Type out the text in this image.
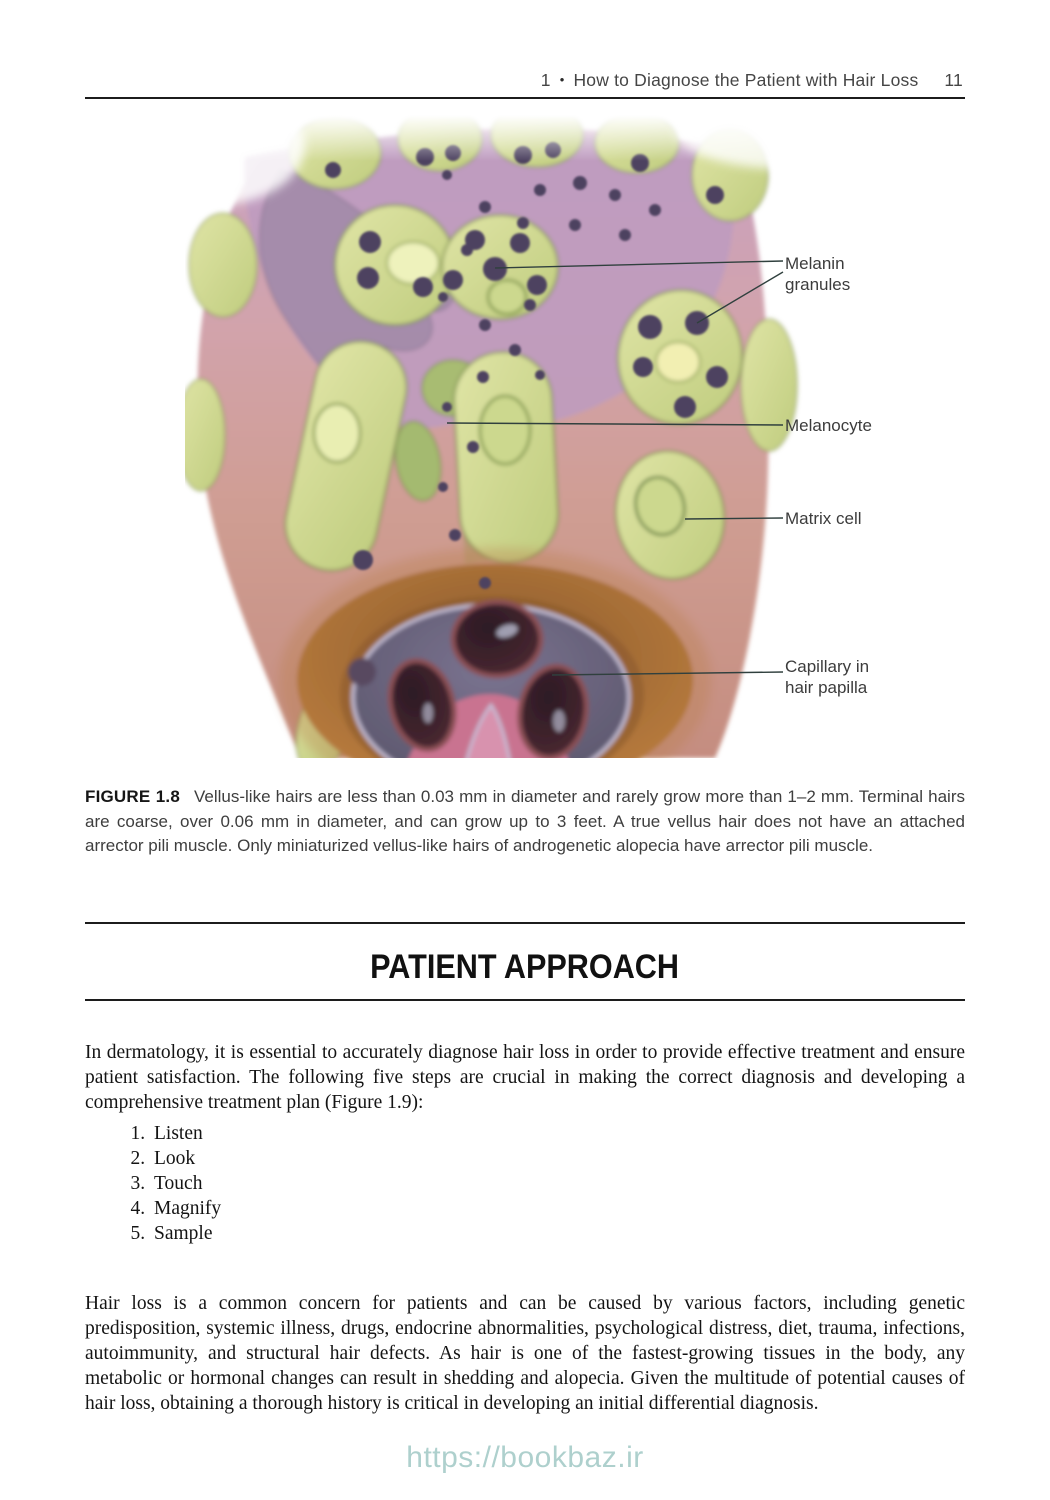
1 • How to Diagnose the Patient with Hair Loss 11
Melanin granules
Melanocyte
Matrix cell
Capillary in hair papilla
FIGURE 1.8 Vellus-like hairs are less than 0.03 mm in diameter and rarely grow more than 1–2 mm. Terminal hairs are coarse, over 0.06 mm in diameter, and can grow up to 3 feet. A true vellus hair does not have an attached arrector pili muscle. Only miniaturized vellus-like hairs of androgenetic alopecia have arrector pili muscle.
PATIENT APPROACH

In dermatology, it is essential to accurately diagnose hair loss in order to provide effective treatment and ensure patient satisfaction. The following five steps are crucial in making the correct diagnosis and developing a comprehensive treatment plan (Figure 1.9):

1. Listen
2. Look
3. Touch
4. Magnify
5. Sample

Hair loss is a common concern for patients and can be caused by various factors, including genetic predisposition, systemic illness, drugs, endocrine abnormalities, psychological distress, diet, trauma, infections, autoimmunity, and structural hair defects. As hair is one of the fastest-growing tissues in the body, any metabolic or hormonal changes can result in shedding and alopecia. Given the multitude of potential causes of hair loss, obtaining a thorough history is critical in developing an initial differential diagnosis.

https://bookbaz.ir
